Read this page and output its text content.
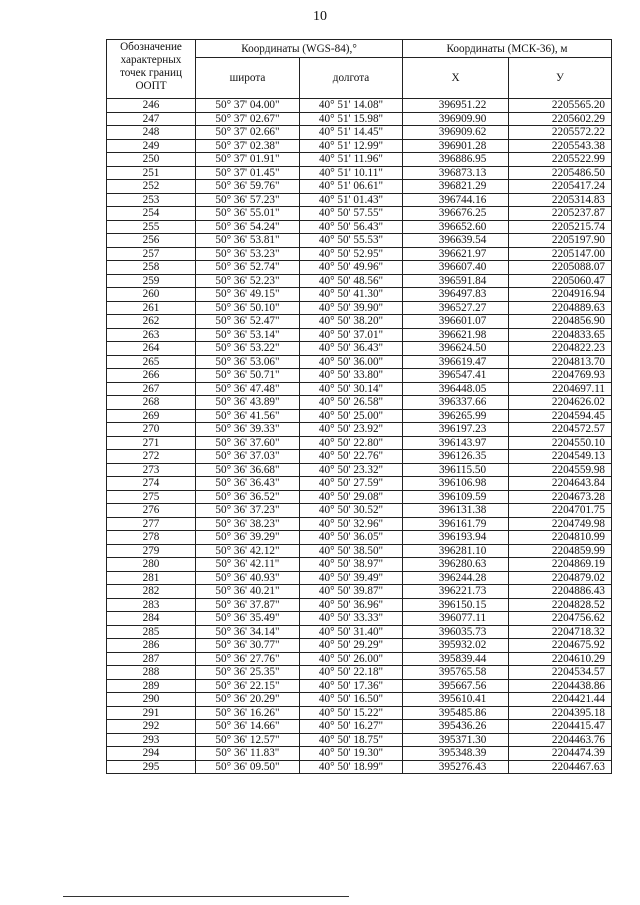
10
Обозначение характерных точек границ ООПТ	Координаты (WGS-84),°		Координаты (МСК-36), м	
	широта	долгота	X	У
246	50° 37' 04.00"	40° 51' 14.08"	396951.22	2205565.20
247	50° 37' 02.67"	40° 51' 15.98"	396909.90	2205602.29
248	50° 37' 02.66"	40° 51' 14.45"	396909.62	2205572.22
249	50° 37' 02.38"	40° 51' 12.99"	396901.28	2205543.38
250	50° 37' 01.91"	40° 51' 11.96"	396886.95	2205522.99
251	50° 37' 01.45"	40° 51' 10.11"	396873.13	2205486.50
252	50° 36' 59.76"	40° 51' 06.61"	396821.29	2205417.24
253	50° 36' 57.23"	40° 51' 01.43"	396744.16	2205314.83
254	50° 36' 55.01"	40° 50' 57.55"	396676.25	2205237.87
255	50° 36' 54.24"	40° 50' 56.43"	396652.60	2205215.74
256	50° 36' 53.81"	40° 50' 55.53"	396639.54	2205197.90
257	50° 36' 53.23"	40° 50' 52.95"	396621.97	2205147.00
258	50° 36' 52.74"	40° 50' 49.96"	396607.40	2205088.07
259	50° 36' 52.23"	40° 50' 48.56"	396591.84	2205060.47
260	50° 36' 49.15"	40° 50' 41.30"	396497.83	2204916.94
261	50° 36' 50.10"	40° 50' 39.90"	396527.27	2204889.63
262	50° 36' 52.47"	40° 50' 38.20"	396601.07	2204856.90
263	50° 36' 53.14"	40° 50' 37.01"	396621.98	2204833.65
264	50° 36' 53.22"	40° 50' 36.43"	396624.50	2204822.23
265	50° 36' 53.06"	40° 50' 36.00"	396619.47	2204813.70
266	50° 36' 50.71"	40° 50' 33.80"	396547.41	2204769.93
267	50° 36' 47.48"	40° 50' 30.14"	396448.05	2204697.11
268	50° 36' 43.89"	40° 50' 26.58"	396337.66	2204626.02
269	50° 36' 41.56"	40° 50' 25.00"	396265.99	2204594.45
270	50° 36' 39.33"	40° 50' 23.92"	396197.23	2204572.57
271	50° 36' 37.60"	40° 50' 22.80"	396143.97	2204550.10
272	50° 36' 37.03"	40° 50' 22.76"	396126.35	2204549.13
273	50° 36' 36.68"	40° 50' 23.32"	396115.50	2204559.98
274	50° 36' 36.43"	40° 50' 27.59"	396106.98	2204643.84
275	50° 36' 36.52"	40° 50' 29.08"	396109.59	2204673.28
276	50° 36' 37.23"	40° 50' 30.52"	396131.38	2204701.75
277	50° 36' 38.23"	40° 50' 32.96"	396161.79	2204749.98
278	50° 36' 39.29"	40° 50' 36.05"	396193.94	2204810.99
279	50° 36' 42.12"	40° 50' 38.50"	396281.10	2204859.99
280	50° 36' 42.11"	40° 50' 38.97"	396280.63	2204869.19
281	50° 36' 40.93"	40° 50' 39.49"	396244.28	2204879.02
282	50° 36' 40.21"	40° 50' 39.87"	396221.73	2204886.43
283	50° 36' 37.87"	40° 50' 36.96"	396150.15	2204828.52
284	50° 36' 35.49"	40° 50' 33.33"	396077.11	2204756.62
285	50° 36' 34.14"	40° 50' 31.40"	396035.73	2204718.32
286	50° 36' 30.77"	40° 50' 29.29"	395932.02	2204675.92
287	50° 36' 27.76"	40° 50' 26.00"	395839.44	2204610.29
288	50° 36' 25.35"	40° 50' 22.18"	395765.58	2204534.57
289	50° 36' 22.15"	40° 50' 17.36"	395667.56	2204438.86
290	50° 36' 20.29"	40° 50' 16.50"	395610.41	2204421.44
291	50° 36' 16.26"	40° 50' 15.22"	395485.86	2204395.18
292	50° 36' 14.66"	40° 50' 16.27"	395436.26	2204415.47
293	50° 36' 12.57"	40° 50' 18.75"	395371.30	2204463.76
294	50° 36' 11.83"	40° 50' 19.30"	395348.39	2204474.39
295	50° 36' 09.50"	40° 50' 18.99"	395276.43	2204467.63
